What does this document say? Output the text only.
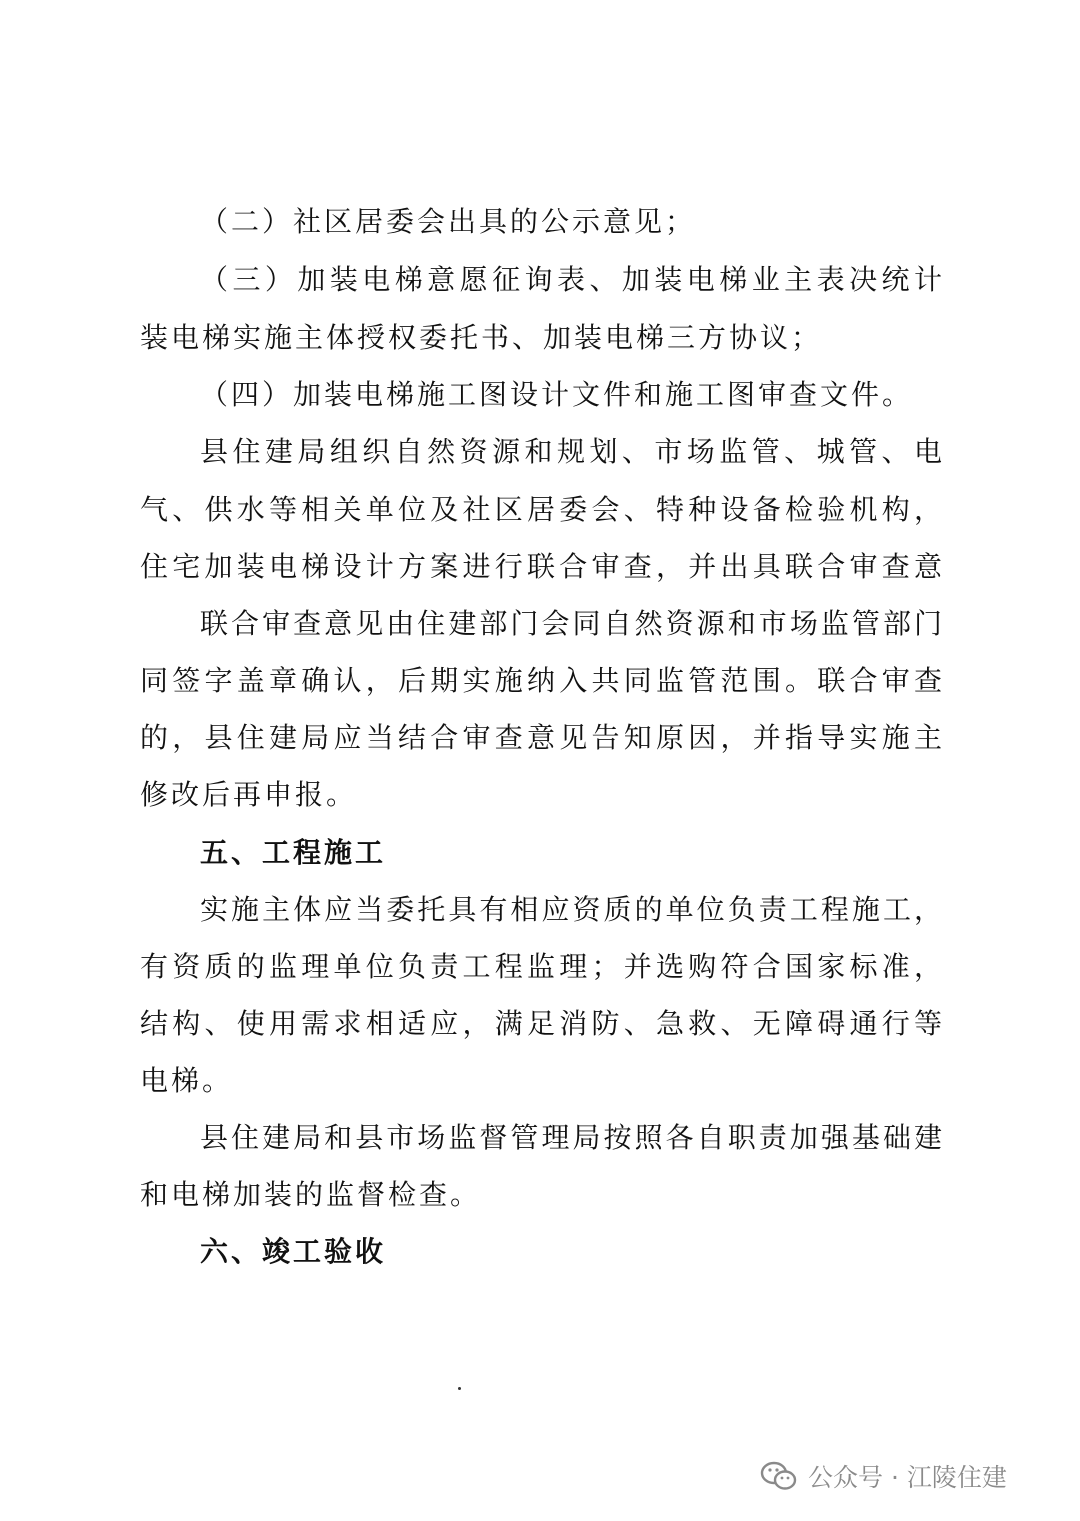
（二）社区居委会出具的公示意见；
（三）加装电梯意愿征询表、加装电梯业主表决统计
装电梯实施主体授权委托书、加装电梯三方协议；
（四）加装电梯施工图设计文件和施工图审查文件。
县住建局组织自然资源和规划、市场监管、城管、电
气、供水等相关单位及社区居委会、特种设备检验机构，
住宅加装电梯设计方案进行联合审查，并出具联合审查意
联合审查意见由住建部门会同自然资源和市场监管部门
同签字盖章确认，后期实施纳入共同监管范围。联合审查
的，县住建局应当结合审查意见告知原因，并指导实施主
修改后再申报。
五、工程施工
实施主体应当委托具有相应资质的单位负责工程施工，
有资质的监理单位负责工程监理；并选购符合国家标准，
结构、使用需求相适应，满足消防、急救、无障碍通行等
电梯。
县住建局和县市场监督管理局按照各自职责加强基础建
和电梯加装的监督检查。
六、竣工验收
公众号 · 江陵住建
